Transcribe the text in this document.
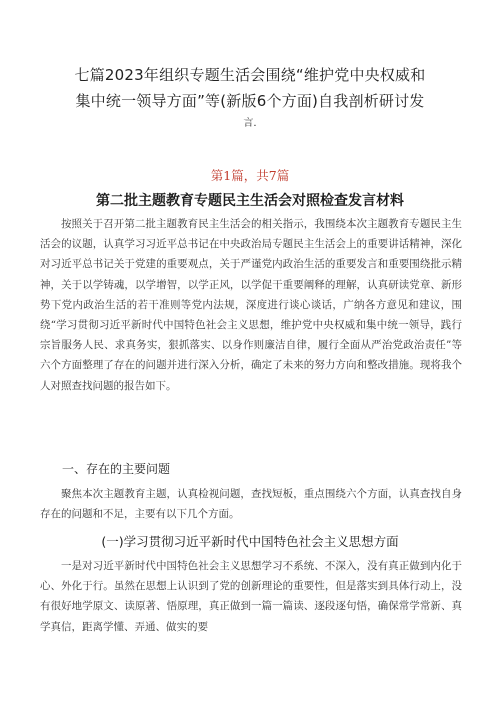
七篇2023年组织专题生活会围绕“维护党中央权威和
集中统一领导方面”等(新版6个方面)自我剖析研讨发
言.
第1篇，共7篇
第二批主题教育专题民主生活会对照检查发言材料

按照关于召开第二批主题教育民主生活会的相关指示，我围绕本次主题教育专题民主生活会的议题，认真学习习近平总书记在中央政治局专题民主生活会上的重要讲话精神，深化对习近平总书记关于党建的重要观点，关于严谨党内政治生活的重要发言和重要围绕批示精神，关于以学铸魂，以学增智，以学正风，以学促干重要阐释的理解，认真研读党章、新形势下党内政治生活的若干准则等党内法规，深度进行谈心谈话，广纳各方意见和建议，围绕“学习贯彻习近平新时代中国特色社会主义思想，维护党中央权威和集中统一领导，践行宗旨服务人民、求真务实，狠抓落实、以身作则廉洁自律，履行全面从严治党政治责任”等六个方面整理了存在的问题并进行深入分析，确定了未来的努力方向和整改措施。现将我个人对照查找问题的报告如下。

一、存在的主要问题

聚焦本次主题教育主题，认真检视问题，查找短板，重点围绕六个方面，认真查找自身存在的问题和不足，主要有以下几个方面。

(一)学习贯彻习近平新时代中国特色社会主义思想方面

一是对习近平新时代中国特色社会主义思想学习不系统、不深入，没有真正做到内化于心、外化于行。虽然在思想上认识到了党的创新理论的重要性，但是落实到具体行动上，没有很好地学原文、读原著、悟原理，真正做到一篇一篇读、逐段逐句悟，确保常学常新、真学真信，距离学懂、弄通、做实的要
